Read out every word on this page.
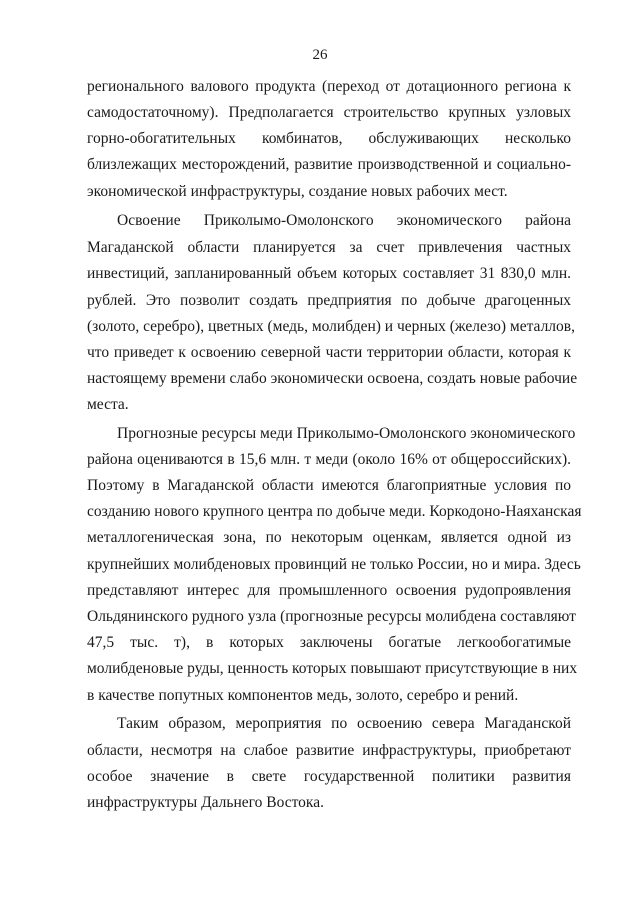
26
регионального валового продукта (переход от дотационного региона к
самодостаточному). Предполагается строительство крупных узловых
горно-обогатительных комбинатов, обслуживающих несколько
близлежащих месторождений, развитие производственной и социально-
экономической инфраструктуры, создание новых рабочих мест.
Освоение Приколымо-Омолонского экономического района
Магаданской области планируется за счет привлечения частных
инвестиций, запланированный объем которых составляет 31 830,0 млн.
рублей. Это позволит создать предприятия по добыче драгоценных
(золото, серебро), цветных (медь, молибден) и черных (железо) металлов,
что приведет к освоению северной части территории области, которая к
настоящему времени слабо экономически освоена, создать новые рабочие
места.
Прогнозные ресурсы меди Приколымо-Омолонского экономического
района оцениваются в 15,6 млн. т меди (около 16% от общероссийских).
Поэтому в Магаданской области имеются благоприятные условия по
созданию нового крупного центра по добыче меди. Коркодоно-Наяханская
металлогеническая зона, по некоторым оценкам, является одной из
крупнейших молибденовых провинций не только России, но и мира. Здесь
представляют интерес для промышленного освоения рудопроявления
Ольдянинского рудного узла (прогнозные ресурсы молибдена составляют
47,5 тыс. т), в которых заключены богатые легкообогатимые
молибденовые руды, ценность которых повышают присутствующие в них
в качестве попутных компонентов медь, золото, серебро и рений.
Таким образом, мероприятия по освоению севера Магаданской
области, несмотря на слабое развитие инфраструктуры, приобретают
особое значение в свете государственной политики развития
инфраструктуры Дальнего Востока.
